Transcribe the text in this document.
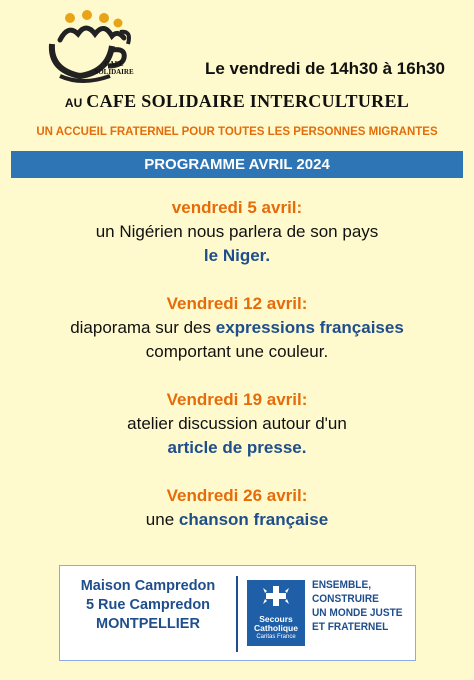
CAFE
SOLIDAIRE	Le vendredi de 14h30 à 16h30
AU CAFE SOLIDAIRE INTERCULTUREL
UN ACCUEIL FRATERNEL POUR TOUTES LES PERSONNES MIGRANTES
PROGRAMME AVRIL 2024
vendredi 5 avril:
un Nigérien nous parlera de son pays
le Niger.
Vendredi 12 avril:
diaporama sur des expressions françaises
comportant une couleur.
Vendredi 19 avril:
atelier discussion autour d'un
article de presse.
Vendredi 26 avril:
une chanson française
Maison Campredon
5 Rue Campredon
MONTPELLIER	Secours
Catholique
Caritas France
ENSEMBLE,
CONSTRUIRE
UN MONDE JUSTE
ET FRATERNEL
